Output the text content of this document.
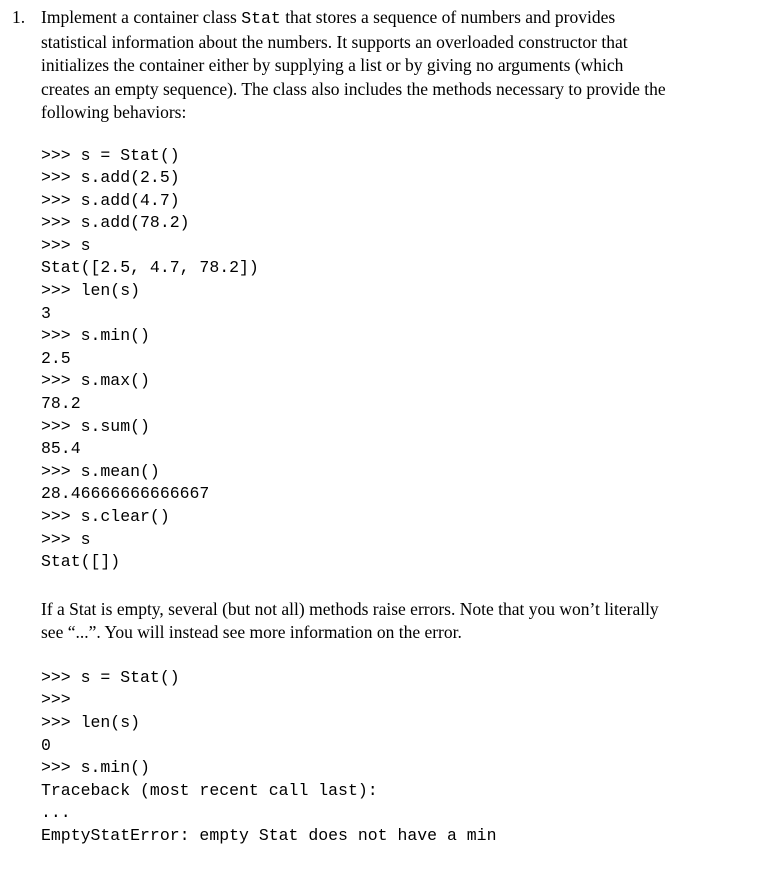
1. Implement a container class Stat that stores a sequence of numbers and provides
statistical information about the numbers. It supports an overloaded constructor that
initializes the container either by supplying a list or by giving no arguments (which
creates an empty sequence). The class also includes the methods necessary to provide the
following behaviors:

>>> s = Stat()
>>> s.add(2.5)
>>> s.add(4.7)
>>> s.add(78.2)
>>> s
Stat([2.5, 4.7, 78.2])
>>> len(s)
3
>>> s.min()
2.5
>>> s.max()
78.2
>>> s.sum()
85.4
>>> s.mean()
28.46666666666667
>>> s.clear()
>>> s
Stat([])

If a Stat is empty, several (but not all) methods raise errors. Note that you won’t literally
see “...”. You will instead see more information on the error.

>>> s = Stat()
>>>
>>> len(s)
0
>>> s.min()
Traceback (most recent call last):
...
EmptyStatError: empty Stat does not have a min
